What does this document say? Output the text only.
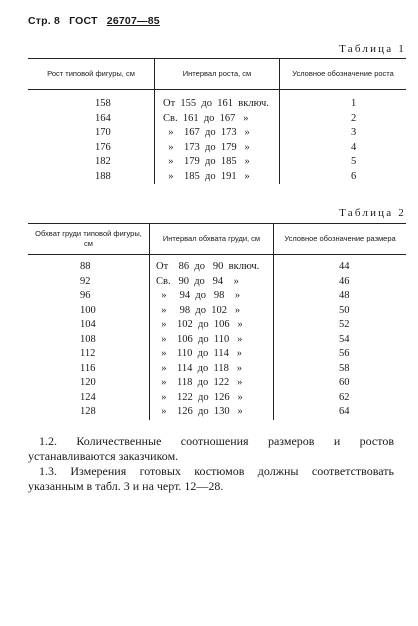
Стр. 8 ГОСТ 26707—85
Таблица 1
Рост типовой фигуры, см	Интервал роста, см	Условное обозначение роста
158	От  155  до  161  включ.	1
164	Св.  161  до  167   »	2
170	»    167  до  173   »	3
176	»    173  до  179   »	4
182	»    179  до  185   »	5
188	»    185  до  191   »	6
Таблица 2
Обхват груди типовой фигуры, см	Интервал обхвата груди, см	Условное обозначение размера
88	От    86  до   90  включ.	44
92	Св.   90  до   94    »	46
96	»     94  до   98    »	48
100	»     98  до  102   »	50
104	»    102  до  106   »	52
108	»    106  до  110   »	54
112	»    110  до  114   »	56
116	»    114  до  118   »	58
120	»    118  до  122   »	60
124	»    122  до  126   »	62
128	»    126  до  130   »	64

1.2. Количественные соотношения размеров и ростов устанавливаются заказчиком.

1.3. Измерения готовых костюмов должны соответствовать указанным в табл. 3 и на черт. 12—28.
